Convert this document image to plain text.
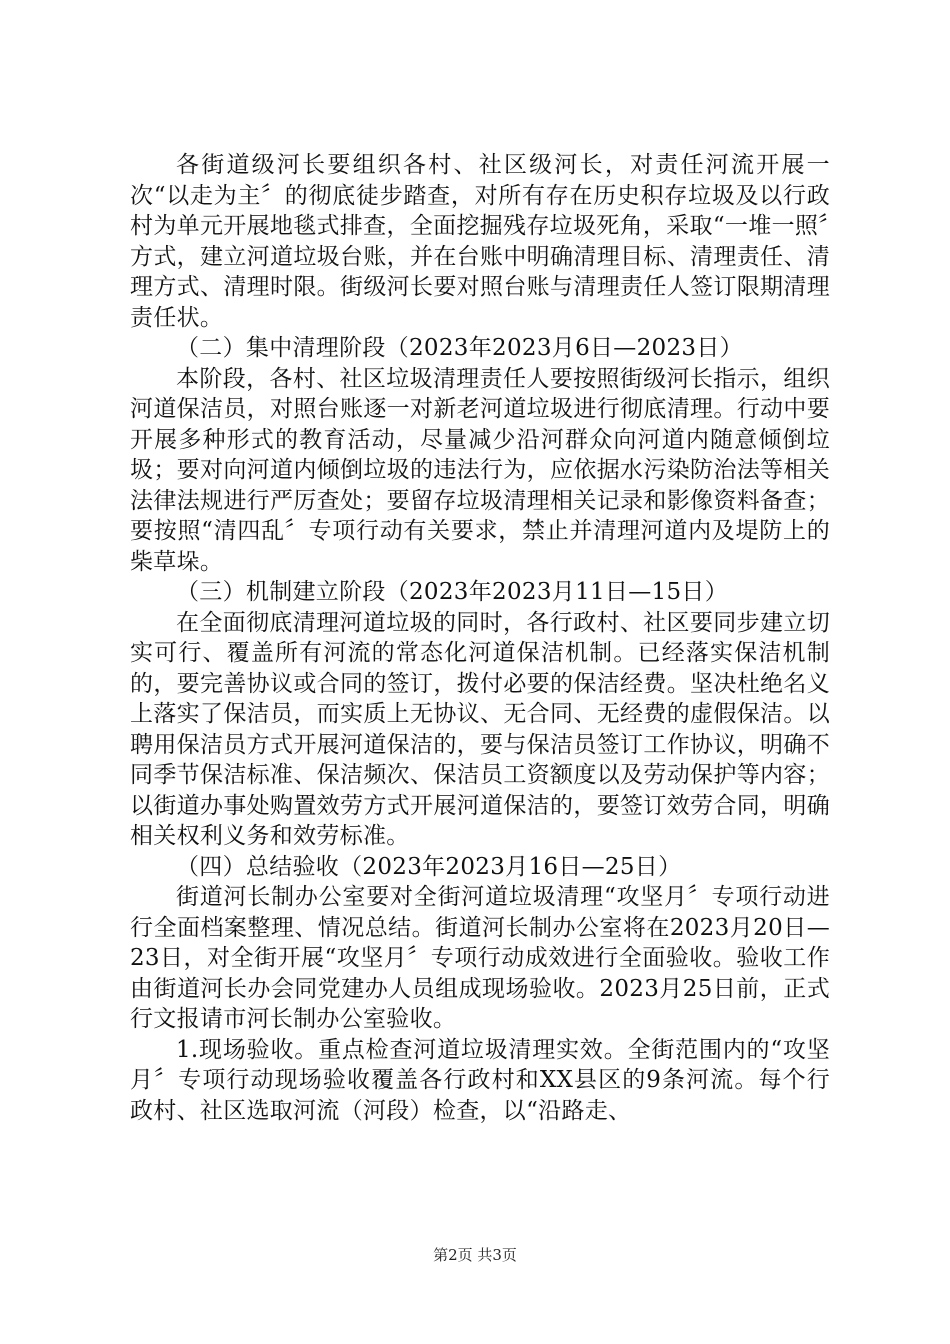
各街道级河长要组织各村、社区级河长，对责任河流开展一次“以走为主〞的彻底徒步踏查，对所有存在历史积存垃圾及以行政村为单元开展地毯式排查，全面挖掘残存垃圾死角，采取“一堆一照〞方式，建立河道垃圾台账，并在台账中明确清理目标、清理责任、清理方式、清理时限。街级河长要对照台账与清理责任人签订限期清理责任状。

（二）集中清理阶段（2023年2023月6日—2023日）

本阶段，各村、社区垃圾清理责任人要按照街级河长指示，组织河道保洁员，对照台账逐一对新老河道垃圾进行彻底清理。行动中要开展多种形式的教育活动，尽量减少沿河群众向河道内随意倾倒垃圾；要对向河道内倾倒垃圾的违法行为，应依据水污染防治法等相关法律法规进行严厉查处；要留存垃圾清理相关记录和影像资料备查；要按照“清四乱〞专项行动有关要求，禁止并清理河道内及堤防上的柴草垛。

（三）机制建立阶段（2023年2023月11日—15日）

在全面彻底清理河道垃圾的同时，各行政村、社区要同步建立切实可行、覆盖所有河流的常态化河道保洁机制。已经落实保洁机制的，要完善协议或合同的签订，拨付必要的保洁经费。坚决杜绝名义上落实了保洁员，而实质上无协议、无合同、无经费的虚假保洁。以聘用保洁员方式开展河道保洁的，要与保洁员签订工作协议，明确不同季节保洁标准、保洁频次、保洁员工资额度以及劳动保护等内容；以街道办事处购置效劳方式开展河道保洁的，要签订效劳合同，明确相关权利义务和效劳标准。

（四）总结验收（2023年2023月16日—25日）

街道河长制办公室要对全街河道垃圾清理“攻坚月〞专项行动进行全面档案整理、情况总结。街道河长制办公室将在2023月20日—23日，对全街开展“攻坚月〞专项行动成效进行全面验收。验收工作由街道河长办会同党建办人员组成现场验收。2023月25日前，正式行文报请市河长制办公室验收。

1.现场验收。重点检查河道垃圾清理实效。全街范围内的“攻坚月〞专项行动现场验收覆盖各行政村和XX县区的9条河流。每个行政村、社区选取河流（河段）检查，以“沿路走、

第2页 共3页
